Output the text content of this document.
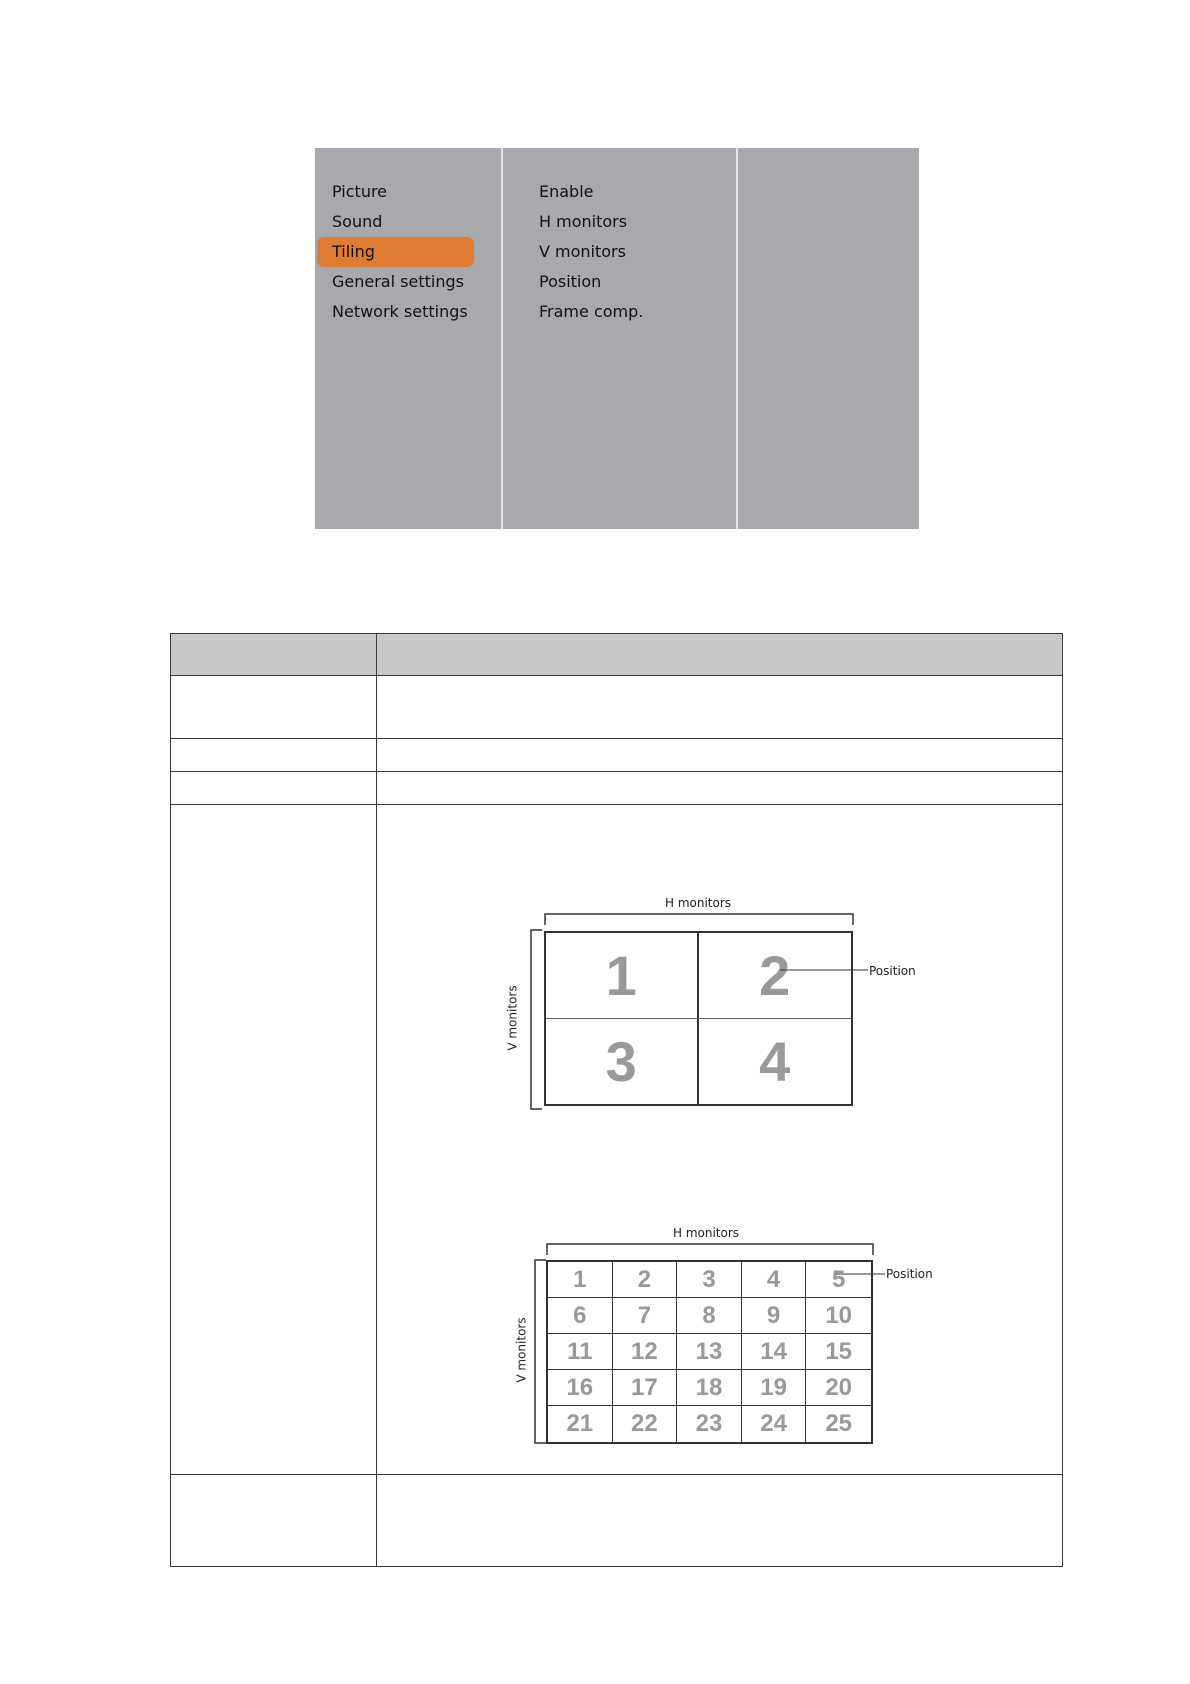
Picture
Sound
Tiling
General settings
Network settings
Enable
H monitors
V monitors
Position
Frame comp.
H monitors
V monitors
1	2
3	4
Position
H monitors
V monitors
1	2	3	4	5
6	7	8	9	10
11	12	13	14	15
16	17	18	19	20
21	22	23	24	25
Position
